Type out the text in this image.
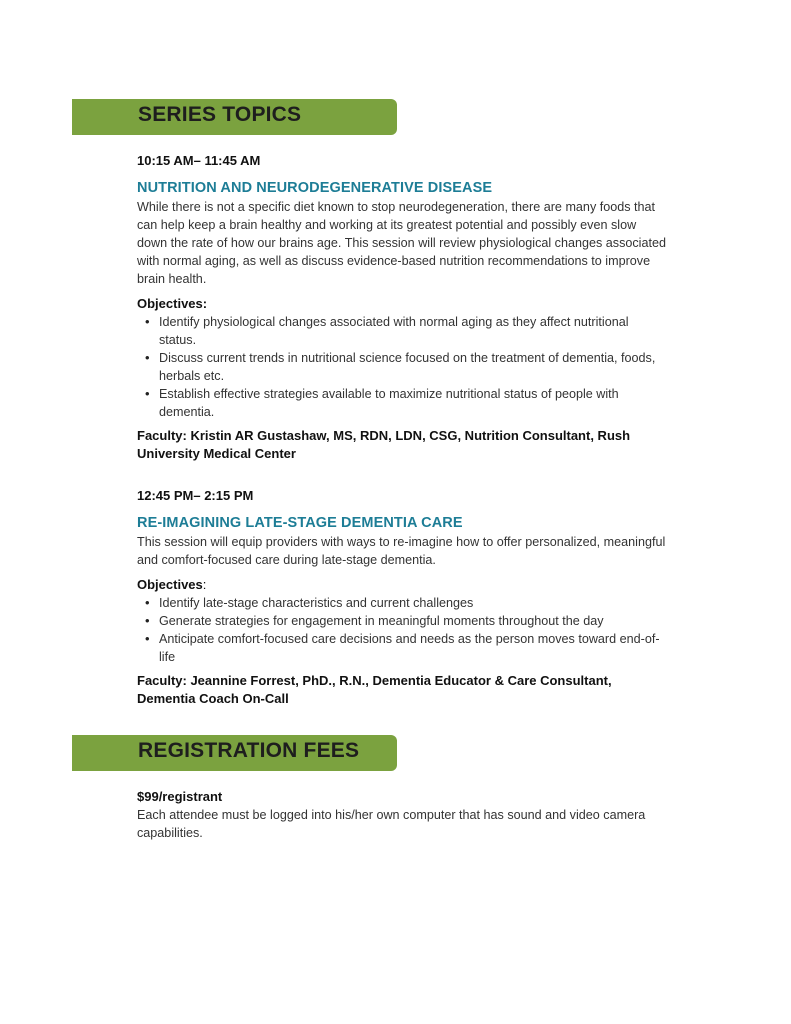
SERIES TOPICS

10:15 AM– 11:45 AM

NUTRITION AND NEURODEGENERATIVE DISEASE

While there is not a specific diet known to stop neurodegeneration, there are many foods that can help keep a brain healthy and working at its greatest potential and possibly even slow down the rate of how our brains age. This session will review physiological changes associated with normal aging, as well as discuss evidence-based nutrition recommendations to improve brain health.

Objectives:

• Identify physiological changes associated with normal aging as they affect nutritional status.
• Discuss current trends in nutritional science focused on the treatment of dementia, foods, herbals etc.
• Establish effective strategies available to maximize nutritional status of people with dementia.

Faculty: Kristin AR Gustashaw, MS, RDN, LDN, CSG, Nutrition Consultant, Rush University Medical Center

12:45 PM– 2:15 PM

RE-IMAGINING LATE-STAGE DEMENTIA CARE

This session will equip providers with ways to re-imagine how to offer personalized, meaningful and comfort-focused care during late-stage dementia.

Objectives:

• Identify late-stage characteristics and current challenges
• Generate strategies for engagement in meaningful moments throughout the day
• Anticipate comfort-focused care decisions and needs as the person moves toward end-of-life

Faculty: Jeannine Forrest, PhD., R.N., Dementia Educator & Care Consultant, Dementia Coach On-Call

REGISTRATION FEES

$99/registrant

Each attendee must be logged into his/her own computer that has sound and video camera capabilities.
